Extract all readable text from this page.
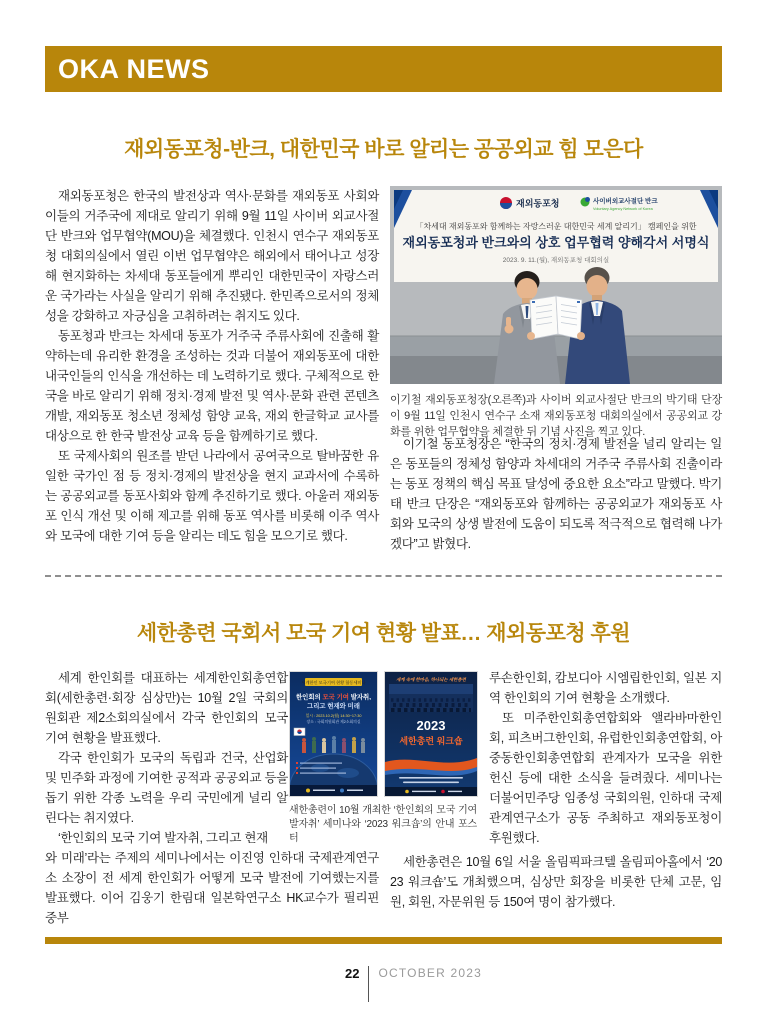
OKA NEWS
재외동포청-반크, 대한민국 바로 알리는 공공외교 힘 모은다

재외동포청은 한국의 발전상과 역사·문화를 재외동포 사회와 이들의 거주국에 제대로 알리기 위해 9월 11일 사이버 외교사절단 반크와 업무협약(MOU)을 체결했다. 인천시 연수구 재외동포청 대회의실에서 열린 이번 업무협약은 해외에서 태어나고 성장해 현지화하는 차세대 동포들에게 뿌리인 대한민국이 자랑스러운 국가라는 사실을 알리기 위해 추진됐다. 한민족으로서의 정체성을 강화하고 자긍심을 고취하려는 취지도 있다.

동포청과 반크는 차세대 동포가 거주국 주류사회에 진출해 활약하는데 유리한 환경을 조성하는 것과 더불어 재외동포에 대한 내국인들의 인식을 개선하는 데 노력하기로 했다. 구체적으로 한국을 바로 알리기 위해 정치·경제 발전 및 역사·문화 관련 콘텐츠 개발, 재외동포 청소년 정체성 함양 교육, 재외 한글학교 교사를 대상으로 한 한국 발전상 교육 등을 함께하기로 했다.

또 국제사회의 원조를 받던 나라에서 공여국으로 탈바꿈한 유일한 국가인 점 등 정치·경제의 발전상을 현지 교과서에 수록하는 공공외교를 동포사회와 함께 추진하기로 했다. 아울러 재외동포 인식 개선 및 이해 제고를 위해 동포 역사를 비롯해 이주 역사와 모국에 대한 기여 등을 알리는 데도 힘을 모으기로 했다.

재외동포청	사이버외교사절단 반크
Voluntary Agency Network of Korea
「차세대 재외동포와 함께하는 자랑스러운 대한민국 세계 알리기」 캠페인을 위한
재외동포청과 반크와의 상호 업무협력 양해각서 서명식
2023. 9. 11.(월), 재외동포청 대회의실
이기철 재외동포청장(오른쪽)과 사이버 외교사절단 반크의 박기태 단장이 9월 11일 인천시 연수구 소재 재외동포청 대회의실에서 공공외교 강화를 위한 업무협약을 체결한 뒤 기념 사진을 찍고 있다.

이기철 동포청장은 “한국의 정치·경제 발전을 널리 알리는 일은 동포들의 정체성 함양과 차세대의 거주국 주류사회 진출이라는 동포 정책의 핵심 목표 달성에 중요한 요소”라고 말했다. 박기태 반크 단장은 “재외동포와 함께하는 공공외교가 재외동포 사회와 모국의 상생 발전에 도움이 되도록 적극적으로 협력해 나가겠다”고 밝혔다.

세한총련 국회서 모국 기여 현황 발표… 재외동포청 후원

세계 한인회를 대표하는 세계한인회총연합회(세한총련·회장 심상만)는 10월 2일 국회의원회관 제2소회의실에서 각국 한인회의 모국 기여 현황을 발표했다.

각국 한인회가 모국의 독립과 건국, 산업화 및 민주화 과정에 기여한 공적과 공공외교 등을 돕기 위한 각종 노력을 우리 국민에게 널리 알린다는 취지였다.

‘한인회의 모국 기여 발자취, 그리고 현재

세계한인 모국기여 현황 합동세미나
한인회의 모국 기여 발자취,
그리고 현재와 미래
일시 : 2023.10.2(월) 14:30~17:30
장소 : 국회의원회관 제2소회의실
세계 속에 한마음, 하나되는 세한총련
2023
세한총련 워크숍
새한총련이 10월 개최한 ‘한인회의 모국 기여 발자취’ 세미나와 ‘2023 워크숍’의 안내 포스터

루손한인회, 캄보디아 시엠립한인회, 일본 지역 한인회의 기여 현황을 소개했다.

또 미주한인회총연합회와 앨라바마한인회, 피츠버그한인회, 유럽한인회총연합회, 아중동한인회총연합회 관계자가 모국을 위한 헌신 등에 대한 소식을 들려줬다. 세미나는 더불어민주당 임종성 국회의원, 인하대 국제관계연구소가 공동 주최하고 재외동포청이 후원했다.

와 미래’라는 주제의 세미나에서는 이진영 인하대 국제관계연구소 소장이 전 세계 한인회가 어떻게 모국 발전에 기여했는지를 발표했다. 이어 김웅기 한림대 일본학연구소 HK교수가 필리핀 중부

세한총련은 10월 6일 서울 올림픽파크텔 올림피아홀에서 ‘2023 워크숍’도 개최했으며, 심상만 회장을 비롯한 단체 고문, 임원, 회원, 자문위원 등 150여 명이 참가했다.

22 OCTOBER 2023
